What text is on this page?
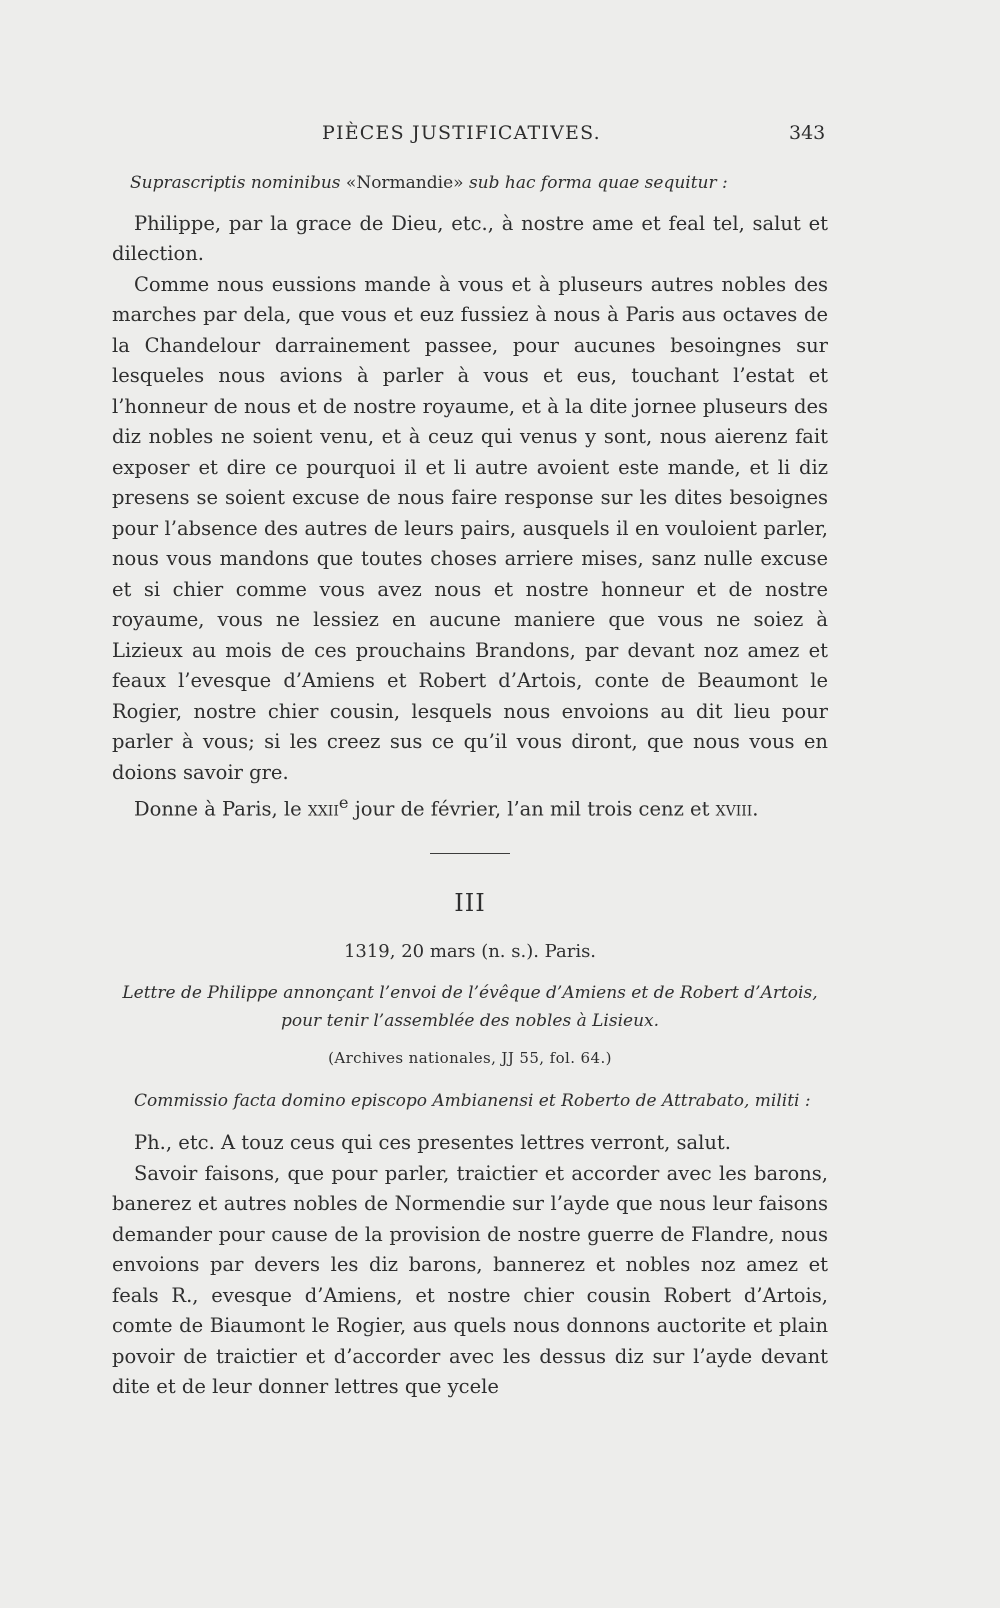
PIÈCES JUSTIFICATIVES.	343

Suprascriptis nominibus «Normandie» sub hac forma quae sequitur :

Philippe, par la grace de Dieu, etc., à nostre ame et feal tel, salut et dilection.

Comme nous eussions mande à vous et à pluseurs autres nobles des marches par dela, que vous et euz fussiez à nous à Paris aus octaves de la Chandelour darrainement passee, pour aucunes besoingnes sur lesqueles nous avions à parler à vous et eus, touchant l’estat et l’honneur de nous et de nostre royaume, et à la dite jornee pluseurs des diz nobles ne soient venu, et à ceuz qui venus y sont, nous aierenz fait exposer et dire ce pourquoi il et li autre avoient este mande, et li diz presens se soient excuse de nous faire response sur les dites besoignes pour l’absence des autres de leurs pairs, ausquels il en vouloient parler, nous vous mandons que toutes choses arriere mises, sanz nulle excuse et si chier comme vous avez nous et nostre honneur et de nostre royaume, vous ne lessiez en aucune maniere que vous ne soiez à Lizieux au mois de ces prouchains Brandons, par devant noz amez et feaux l’evesque d’Amiens et Robert d’Artois, conte de Beaumont le Rogier, nostre chier cousin, lesquels nous envoions au dit lieu pour parler à vous; si les creez sus ce qu’il vous diront, que nous vous en doions savoir gre.

Donne à Paris, le xxii$^e$ jour de février, l’an mil trois cenz et xviii.

III

1319, 20 mars (n. s.). Paris.

Lettre de Philippe annonçant l’envoi de l’évêque d’Amiens et de Robert d’Artois, pour tenir l’assemblée des nobles à Lisieux.

(Archives nationales, JJ 55, fol. 64.)

Commissio facta domino episcopo Ambianensi et Roberto de Attrabato, militi :

Ph., etc. A touz ceus qui ces presentes lettres verront, salut.

Savoir faisons, que pour parler, traictier et accorder avec les barons, banerez et autres nobles de Normendie sur l’ayde que nous leur faisons demander pour cause de la provision de nostre guerre de Flandre, nous envoions par devers les diz barons, bannerez et nobles noz amez et feals R., evesque d’Amiens, et nostre chier cousin Robert d’Artois, comte de Biaumont le Rogier, aus quels nous donnons auctorite et plain povoir de traictier et d’accorder avec les dessus diz sur l’ayde devant dite et de leur donner lettres que ycele
